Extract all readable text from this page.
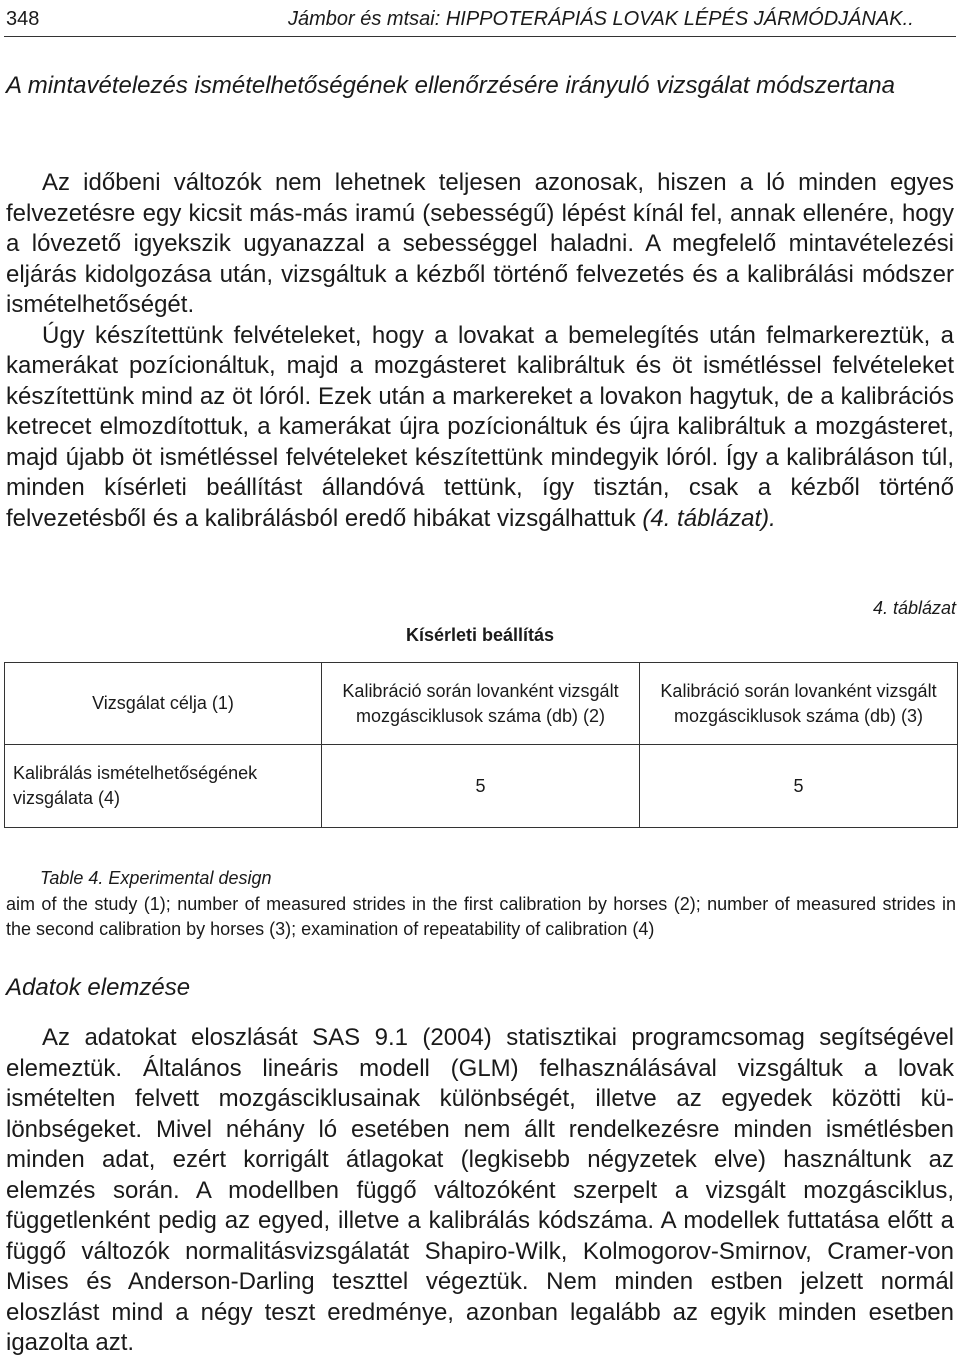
348	Jámbor és mtsai: HIPPOTERÁPIÁS LOVAK LÉPÉS JÁRMÓDJÁNAK..
A mintavételezés ismételhetőségének ellenőrzésére irányuló vizsgálat módszertana

Az időbeni változók nem lehetnek teljesen azonosak, hiszen a ló minden egyes felvezetésre egy kicsit más-más iramú (sebességű) lépést kínál fel, annak ellenére, hogy a lóvezető igyekszik ugyanazzal a sebességgel haladni. A megfelelő mintavételezési eljárás kidolgozása után, vizsgáltuk a kézből történő felvezetés és a kalibrálási módszer ismételhetőségét.

Úgy készítettünk felvételeket, hogy a lovakat a bemelegítés után felmarkereztük, a kamerákat pozícionáltuk, majd a mozgásteret kalibráltuk és öt ismétléssel felvételeket készítettünk mind az öt lóról. Ezek után a markereket a lovakon hagytuk, de a kalibrációs ketrecet elmozdítottuk, a kamerákat újra pozícionáltuk és újra kalibráltuk a mozgásteret, majd újabb öt ismétléssel felvételeket készítettünk mindegyik lóról. Így a kalibráláson túl, minden kísérleti beállítást állandóvá tettünk, így tisztán, csak a kézből történő felvezetésből és a kalibrálásból eredő hibákat vizsgálhattuk (4. táblázat).

4. táblázat
Kísérleti beállítás
Vizsgálat célja (1)	Kalibráció során lovanként vizsgált mozgásciklusok száma (db) (2)	Kalibráció során lovanként vizsgált mozgásciklusok száma (db) (3)
Kalibrálás ismételhetőségének vizsgálata (4)	5	5
Table 4. Experimental design
aim of the study (1); number of measured strides in the first calibration by horses (2); number of measured strides in the second calibration by horses (3); examination of repeatability of calibration (4)
Adatok elemzése

Az adatokat eloszlását SAS 9.1 (2004) statisztikai programcsomag segítségével elemeztük. Általános lineáris modell (GLM) felhasználásával vizsgáltuk a lovak ismételten felvett mozgásciklusainak különbségét, illetve az egyedek közötti különbségeket. Mivel néhány ló esetében nem állt rendelkezésre minden ismétlésben minden adat, ezért korrigált átlagokat (legkisebb négyzetek elve) használtunk az elemzés során. A modellben függő változóként szerpelt a vizsgált mozgásciklus, függetlenként pedig az egyed, illetve a kalibrálás kódszáma. A modellek futtatása előtt a függő változók normalitásvizsgálatát Shapiro-Wilk, Kolmogorov-Smirnov, Cramer-von Mises és Anderson-Darling teszttel végeztük. Nem minden estben jelzett normál eloszlást mind a négy teszt eredménye, azonban legalább az egyik minden esetben igazolta azt.
